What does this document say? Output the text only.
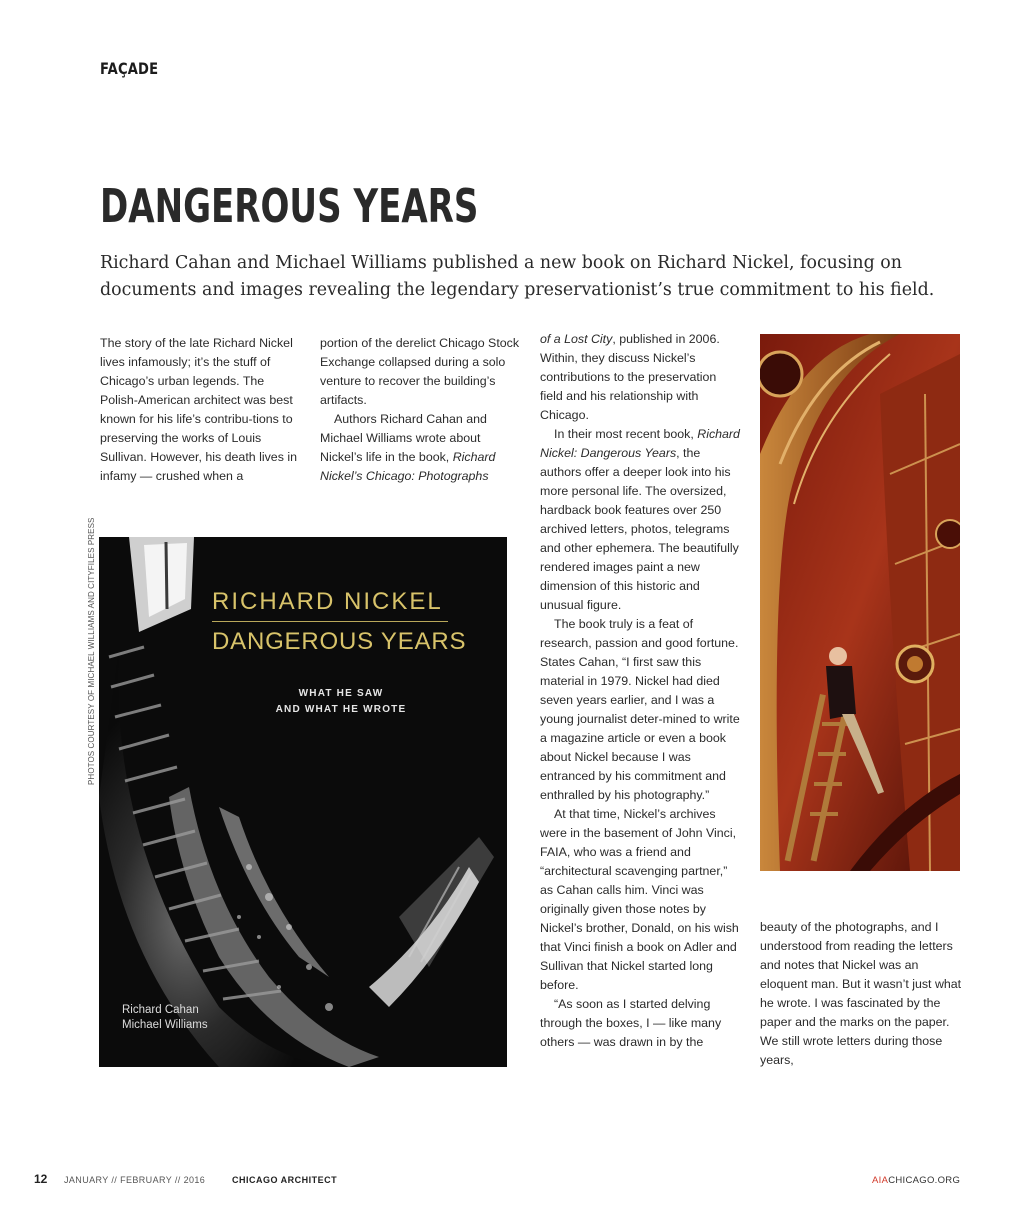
FAÇADE
DANGEROUS YEARS

Richard Cahan and Michael Williams published a new book on Richard Nickel, focusing on documents and images revealing the legendary preservationist’s true commitment to his field.

The story of the late Richard Nickel lives infamously; it’s the stuff of Chicago’s urban legends. The Polish-American architect was best known for his life’s contribu-tions to preserving the works of Louis Sullivan. However, his death lives in infamy — crushed when a

portion of the derelict Chicago Stock Exchange collapsed during a solo venture to recover the building’s artifacts.

Authors Richard Cahan and Michael Williams wrote about Nickel’s life in the book, Richard Nickel’s Chicago: Photographs

of a Lost City, published in 2006. Within, they discuss Nickel’s contributions to the preservation field and his relationship with Chicago.

In their most recent book, Richard Nickel: Dangerous Years, the authors offer a deeper look into his more personal life. The oversized, hardback book features over 250 archived letters, photos, telegrams and other ephemera. The beautifully rendered images paint a new dimension of this historic and unusual figure.

The book truly is a feat of research, passion and good fortune. States Cahan, “I first saw this material in 1979. Nickel had died seven years earlier, and I was a young journalist deter-mined to write a magazine article or even a book about Nickel because I was entranced by his commitment and enthralled by his photography.”

At that time, Nickel’s archives were in the basement of John Vinci, FAIA, who was a friend and “architectural scavenging partner,” as Cahan calls him. Vinci was originally given those notes by Nickel’s brother, Donald, on his wish that Vinci finish a book on Adler and Sullivan that Nickel started long before.

“As soon as I started delving through the boxes, I — like many others — was drawn in by the

beauty of the photographs, and I understood from reading the letters and notes that Nickel was an eloquent man. But it wasn’t just what he wrote. I was fascinated by the paper and the marks on the paper. We still wrote letters during those years,

PHOTOS COURTESY OF MICHAEL WILLIAMS AND CITYFILES PRESS	RICHARD NICKEL
DANGEROUS YEARS
WHAT HE SAW
AND WHAT HE WROTE
Richard Cahan
Michael Williams
12 JANUARY // FEBRUARY // 2016	CHICAGO ARCHITECT	AIACHICAGO.ORG
